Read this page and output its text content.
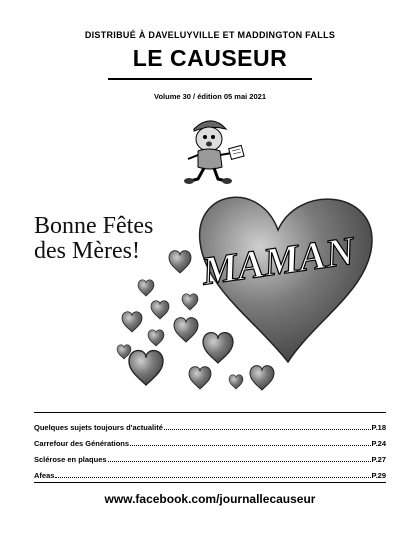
DISTRIBUÉ À DAVELUYVILLE ET MADDINGTON FALLS
LE CAUSEUR
Volume 30 / édition 05 mai 2021
Bonne Fêtes
des Mères!	MAMAN
Quelques sujets toujours d'actualité	P.18
Carrefour des Générations	P.24
Sclérose en plaques	P.27
Afeas	P.29
www.facebook.com/journallecauseur
